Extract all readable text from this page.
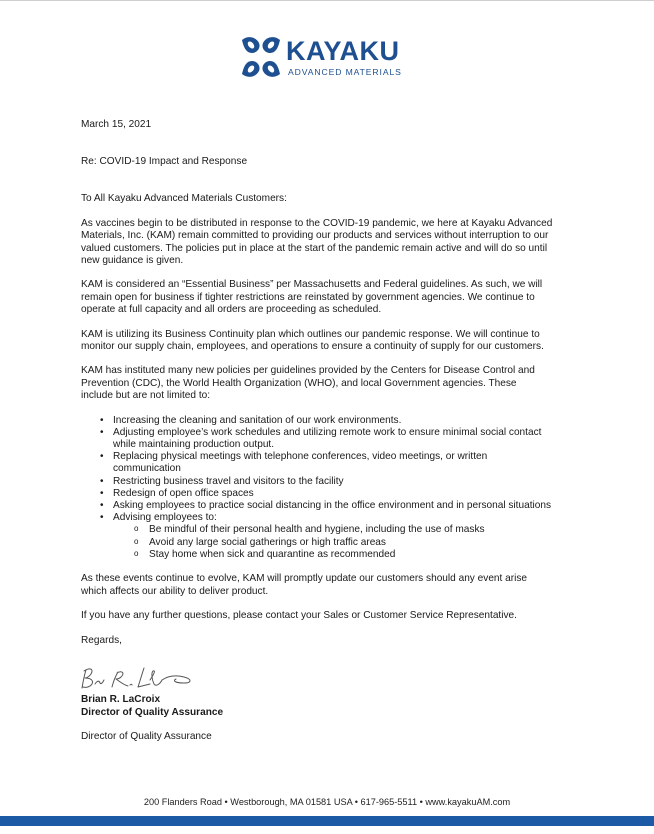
KAYAKU
ADVANCED MATERIALS

March 15, 2021

Re: COVID-19 Impact and Response

To All Kayaku Advanced Materials Customers:

As vaccines begin to be distributed in response to the COVID-19 pandemic, we here at Kayaku Advanced
Materials, Inc. (KAM) remain committed to providing our products and services without interruption to our
valued customers. The policies put in place at the start of the pandemic remain active and will do so until
new guidance is given.
KAM is considered an “Essential Business” per Massachusetts and Federal guidelines. As such, we will
remain open for business if tighter restrictions are reinstated by government agencies. We continue to
operate at full capacity and all orders are proceeding as scheduled.
KAM is utilizing its Business Continuity plan which outlines our pandemic response. We will continue to
monitor our supply chain, employees, and operations to ensure a continuity of supply for our customers.
KAM has instituted many new policies per guidelines provided by the Centers for Disease Control and
Prevention (CDC), the World Health Organization (WHO), and local Government agencies. These
include but are not limited to:
• Increasing the cleaning and sanitation of our work environments.
• Adjusting employee’s work schedules and utilizing remote work to ensure minimal social contact
while maintaining production output.
• Replacing physical meetings with telephone conferences, video meetings, or written
communication
• Restricting business travel and visitors to the facility
• Redesign of open office spaces
• Asking employees to practice social distancing in the office environment and in personal situations
• Advising employees to:
o Be mindful of their personal health and hygiene, including the use of masks
o Avoid any large social gatherings or high traffic areas
o Stay home when sick and quarantine as recommended
As these events continue to evolve, KAM will promptly update our customers should any event arise
which affects our ability to deliver product.
If you have any further questions, please contact your Sales or Customer Service Representative.
Regards,
Brian R. LaCroix
Director of Quality Assurance
Director of Quality Assurance
200 Flanders Road • Westborough, MA 01581 USA • 617-965-5511 • www.kayakuAM.com
